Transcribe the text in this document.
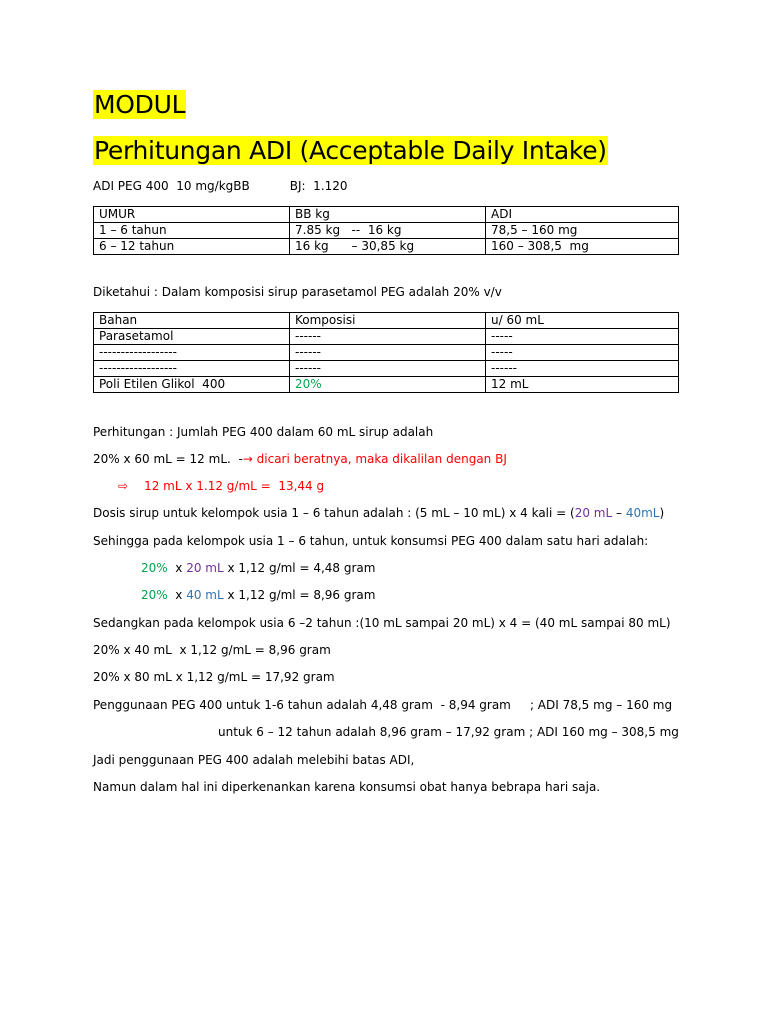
MODUL
Perhitungan ADI (Acceptable Daily Intake)
ADI PEG 400  10 mg/kgBB	BJ:  1.120
UMUR	BB kg	ADI
1 – 6 tahun	7.85 kg   --  16 kg	78,5 – 160 mg
6 – 12 tahun	16 kg      – 30,85 kg	160 – 308,5  mg
Diketahui : Dalam komposisi sirup parasetamol PEG adalah 20% v/v
Bahan	Komposisi	u/ 60 mL
Parasetamol	------	-----
------------------	------	-----
------------------	------	------
Poli Etilen Glikol  400	20%	12 mL
Perhitungan : Jumlah PEG 400 dalam 60 mL sirup adalah
20% x 60 mL = 12 mL.  -→ dicari beratnya, maka dikalilan dengan BJ
⇨ 12 mL x 1.12 g/mL =  13,44 g
Dosis sirup untuk kelompok usia 1 – 6 tahun adalah : (5 mL – 10 mL) x 4 kali = (20 mL – 40mL)
Sehingga pada kelompok usia 1 – 6 tahun, untuk konsumsi PEG 400 dalam satu hari adalah:
20%  x 20 mL x 1,12 g/ml = 4,48 gram
20%  x 40 mL x 1,12 g/ml = 8,96 gram
Sedangkan pada kelompok usia 6 –2 tahun :(10 mL sampai 20 mL) x 4 = (40 mL sampai 80 mL)
20% x 40 mL  x 1,12 g/mL = 8,96 gram
20% x 80 mL x 1,12 g/mL = 17,92 gram
Penggunaan PEG 400 untuk 1-6 tahun adalah 4,48 gram  - 8,94 gram     ; ADI 78,5 mg – 160 mg
untuk 6 – 12 tahun adalah 8,96 gram – 17,92 gram ; ADI 160 mg – 308,5 mg
Jadi penggunaan PEG 400 adalah melebihi batas ADI,
Namun dalam hal ini diperkenankan karena konsumsi obat hanya bebrapa hari saja.
